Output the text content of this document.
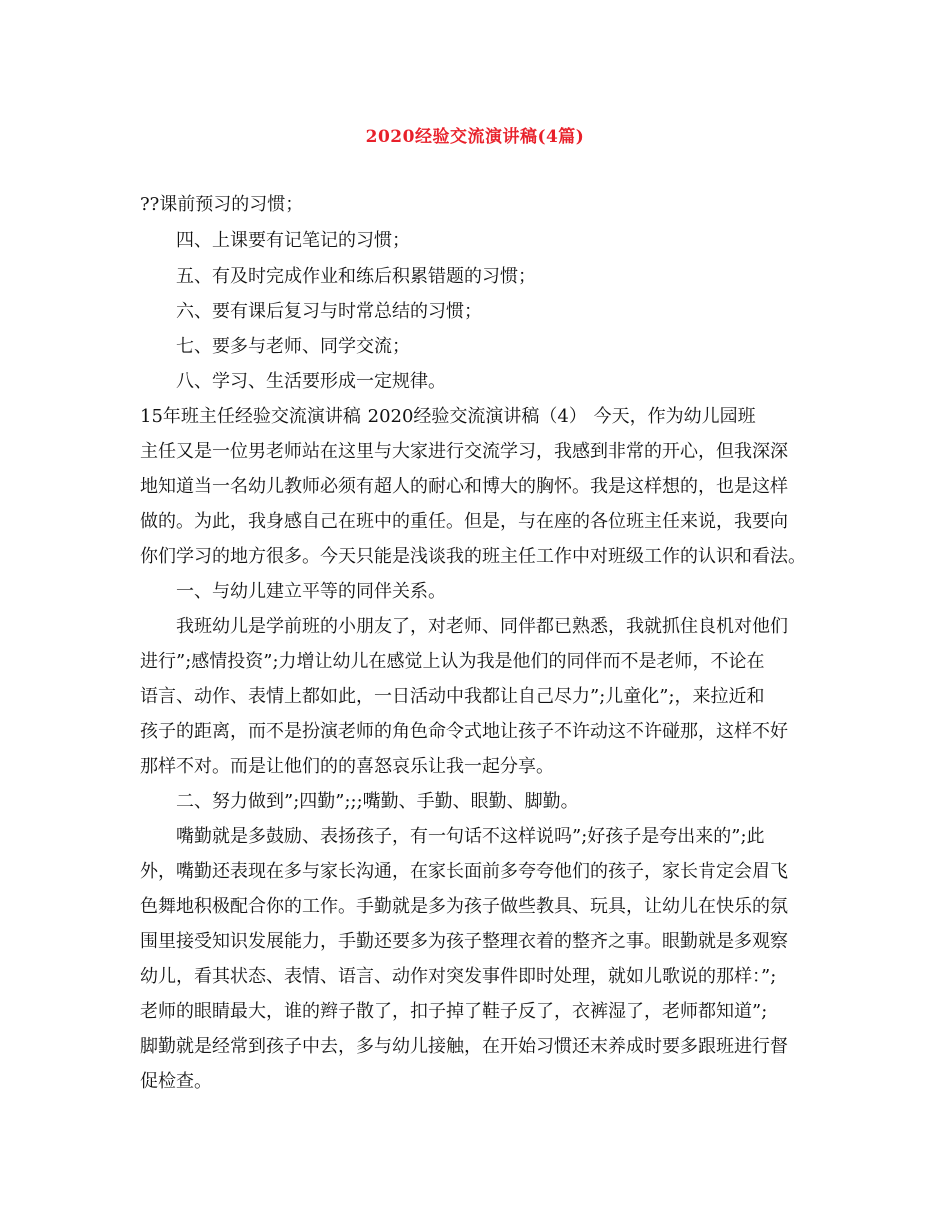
2020经验交流演讲稿(4篇)
??课前预习的习惯；
四、上课要有记笔记的习惯；
五、有及时完成作业和练后积累错题的习惯；
六、要有课后复习与时常总结的习惯；
七、要多与老师、同学交流；
八、学习、生活要形成一定规律。
15年班主任经验交流演讲稿 2020经验交流演讲稿（4） 今天，作为幼儿园班
主任又是一位男老师站在这里与大家进行交流学习，我感到非常的开心，但我深深
地知道当一名幼儿教师必须有超人的耐心和博大的胸怀。我是这样想的，也是这样
做的。为此，我身感自己在班中的重任。但是，与在座的各位班主任来说，我要向
你们学习的地方很多。今天只能是浅谈我的班主任工作中对班级工作的认识和看法。
一、与幼儿建立平等的同伴关系。
我班幼儿是学前班的小朋友了，对老师、同伴都已熟悉，我就抓住良机对他们
进行”;感情投资”;力增让幼儿在感觉上认为我是他们的同伴而不是老师，不论在
语言、动作、表情上都如此，一日活动中我都让自己尽力”;儿童化”;，来拉近和
孩子的距离，而不是扮演老师的角色命令式地让孩子不许动这不许碰那，这样不好
那样不对。而是让他们的的喜怒哀乐让我一起分享。
二、努力做到”;四勤”;;;嘴勤、手勤、眼勤、脚勤。
嘴勤就是多鼓励、表扬孩子，有一句话不这样说吗”;好孩子是夸出来的”;此
外，嘴勤还表现在多与家长沟通，在家长面前多夸夸他们的孩子，家长肯定会眉飞
色舞地积极配合你的工作。手勤就是多为孩子做些教具、玩具，让幼儿在快乐的氛
围里接受知识发展能力，手勤还要多为孩子整理衣着的整齐之事。眼勤就是多观察
幼儿，看其状态、表情、语言、动作对突发事件即时处理，就如儿歌说的那样：”;
老师的眼睛最大，谁的辫子散了，扣子掉了鞋子反了，衣裤湿了，老师都知道”;
脚勤就是经常到孩子中去，多与幼儿接触，在开始习惯还末养成时要多跟班进行督
促检查。
